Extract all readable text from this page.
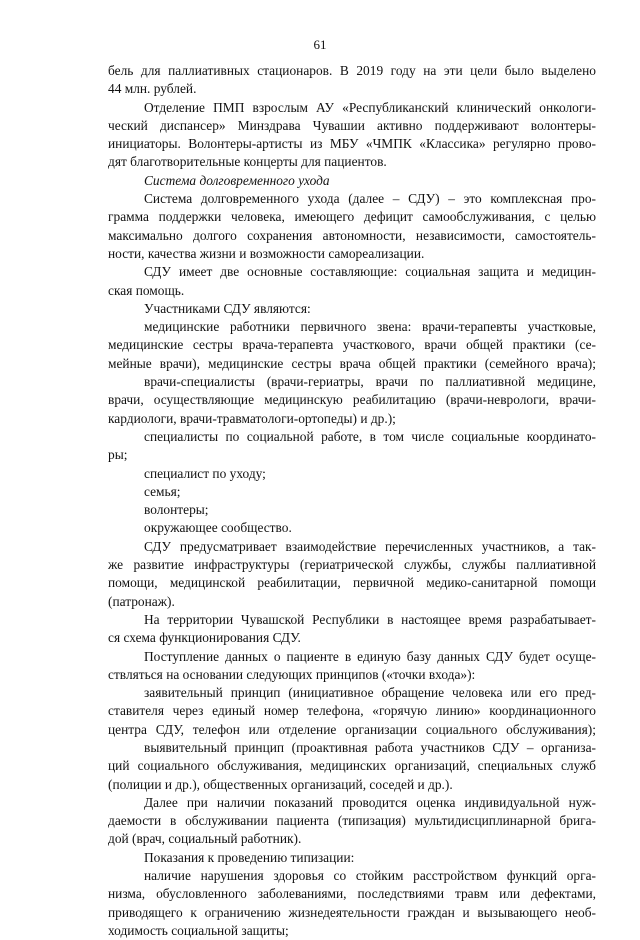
61
бель для паллиативных стационаров. В 2019 году на эти цели было выделено
44 млн. рублей.
Отделение ПМП взрослым АУ «Республиканский клинический онкологи-
ческий диспансер» Минздрава Чувашии активно поддерживают волонтеры-
инициаторы. Волонтеры-артисты из МБУ «ЧМПК «Классика» регулярно прово-
дят благотворительные концерты для пациентов.
Система долговременного ухода
Система долговременного ухода (далее – СДУ) – это комплексная про-
грамма поддержки человека, имеющего дефицит самообслуживания, с целью
максимально долгого сохранения автономности, независимости, самостоятель-
ности, качества жизни и возможности самореализации.
СДУ имеет две основные составляющие: социальная защита и медицин-
ская помощь.
Участниками СДУ являются:
медицинские работники первичного звена: врачи-терапевты участковые,
медицинские сестры врача-терапевта участкового, врачи общей практики (се-
мейные врачи), медицинские сестры врача общей практики (семейного врача);
врачи-специалисты (врачи-гериатры, врачи по паллиативной медицине,
врачи, осуществляющие медицинскую реабилитацию (врачи-неврологи, врачи-
кардиологи, врачи-травматологи-ортопеды) и др.);
специалисты по социальной работе, в том числе социальные координато-
ры;
специалист по уходу;
семья;
волонтеры;
окружающее сообщество.
СДУ предусматривает взаимодействие перечисленных участников, а так-
же развитие инфраструктуры (гериатрической службы, службы паллиативной
помощи, медицинской реабилитации, первичной медико-санитарной помощи
(патронаж).
На территории Чувашской Республики в настоящее время разрабатывает-
ся схема функционирования СДУ.
Поступление данных о пациенте в единую базу данных СДУ будет осуще-
ствляться на основании следующих принципов («точки входа»):
заявительный принцип (инициативное обращение человека или его пред-
ставителя через единый номер телефона, «горячую линию» координационного
центра СДУ, телефон или отделение организации социального обслуживания);
выявительный принцип (проактивная работа участников СДУ – организа-
ций социального обслуживания, медицинских организаций, специальных служб
(полиции и др.), общественных организаций, соседей и др.).
Далее при наличии показаний проводится оценка индивидуальной нуж-
даемости в обслуживании пациента (типизация) мультидисциплинарной брига-
дой (врач, социальный работник).
Показания к проведению типизации:
наличие нарушения здоровья со стойким расстройством функций орга-
низма, обусловленного заболеваниями, последствиями травм или дефектами,
приводящего к ограничению жизнедеятельности граждан и вызывающего необ-
ходимость социальной защиты;
